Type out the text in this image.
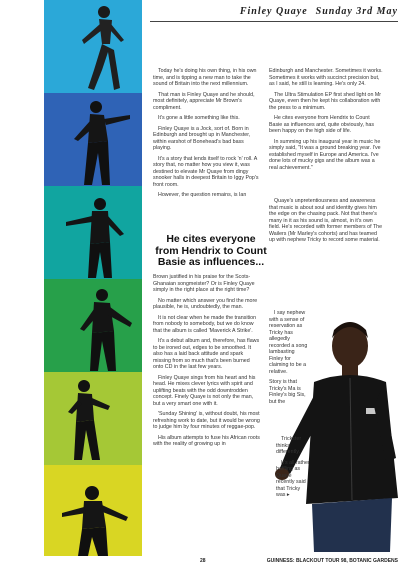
Finley Quaye Sunday 3rd May

Today he's doing his own thing, in his own time, and is tipping a new man to take the sound of Britain into the next millennium.

That man is Finley Quaye and he should, most definitely, appreciate Mr Brown's compliment.

It's gone a little something like this.

Finley Quaye is a Jock, sort of. Born in Edinburgh and brought up in Manchester, within earshot of Bonehead's bad bass playing.

It's a story that lends itself to rock 'n' roll. A story that, no matter how you view it, was destined to elevate Mr Quaye from dingy snooker halls in deepest Britain to Iggy Pop's front room.

However, the question remains, is Ian

He cites everyone from Hendrix to Count Basie as influences...

Brown justified in his praise for the Scots-Ghanaian songmeister? Or is Finley Quaye simply in the right place at the right time?

No matter which answer you find the more plausible, he is, undoubtedly, the man.

It is not clear when he made the transition from nobody to somebody, but we do know that the album is called 'Maverick A Strike'.

It's a debut album and, therefore, has flaws to be ironed out, edges to be smoothed. It also has a laid back attitude and spark missing from so much that's been burned onto CD in the last few years.

Finley Quaye sings from his heart and his head. He mixes clever lyrics with spirit and uplifting beats with the odd downtrodden concept. Finely Quaye is not only the man, but a very smart one with it.

'Sunday Shining' is, without doubt, his most refreshing work to date, but it would be wrong to judge him by four minutes of reggae-pop.

His album attempts to fuse his African roots with the reality of growing up in

Edinburgh and Manchester. Sometimes it works. Sometimes it works with succinct precision but, as I said, he still is learning. He's only 24.

The Ultra Stimulation EP first shed light on Mr Quaye, even then he kept his collaboration with the press to a minimum.

He cites everyone from Hendrix to Count Basie as influences and, quite obviously, has been happy on the high side of life.

In summing up his inaugural year in music he simply said, "It was a ground breaking year. I've established myself in Europe and America. I've done lots of mucky gigs and the album was a real achievement."

Quaye's unpretentiousness and awareness that music is about soul and identity gives him the edge on the chasing pack. Not that there's many in it as his sound is, almost, in it's own field. He's recorded with former members of The Wailers (Mr Marley's cohorts) and has teamed up with nephew Tricky to record some material.

I say nephew with a sense of reservation as Tricky has allegedly recorded a song lambasting Finley for claiming to be a relative.

Story is that Tricky's Ma is Finley's big Sis, but the

Trickster thinks differently.

It's all rather baffling as Quaye recently said that Tricky was ▸

28	GUINNESS: BLACKOUT TOUR 98, BOTANIC GARDENS
